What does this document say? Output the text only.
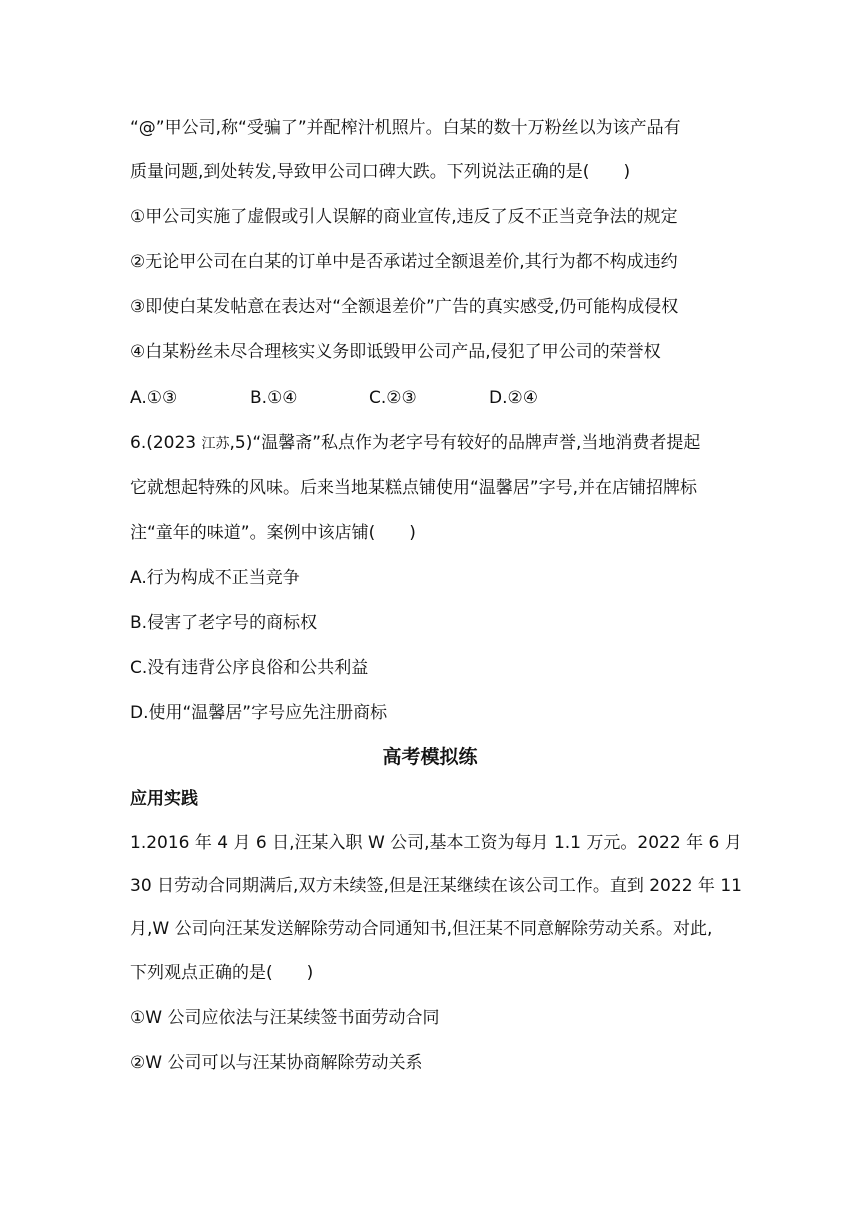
“@”甲公司,称“受骗了”并配榨汁机照片。白某的数十万粉丝以为该产品有
质量问题,到处转发,导致甲公司口碑大跌。下列说法正确的是(　　)
①甲公司实施了虚假或引人误解的商业宣传,违反了反不正当竞争法的规定
②无论甲公司在白某的订单中是否承诺过全额退差价,其行为都不构成违约
③即使白某发帖意在表达对“全额退差价”广告的真实感受,仍可能构成侵权
④白某粉丝未尽合理核实义务即诋毁甲公司产品,侵犯了甲公司的荣誉权
A.①③	B.①④	C.②③	D.②④
6.(2023 江苏,5)“温馨斋”私点作为老字号有较好的品牌声誉,当地消费者提起
它就想起特殊的风味。后来当地某糕点铺使用“温馨居”字号,并在店铺招牌标
注“童年的味道”。案例中该店铺(　　)
A.行为构成不正当竞争
B.侵害了老字号的商标权
C.没有违背公序良俗和公共利益
D.使用“温馨居”字号应先注册商标
高考模拟练
应用实践
1.2016 年 4 月 6 日,汪某入职 W 公司,基本工资为每月 1.1 万元。2022 年 6 月
30 日劳动合同期满后,双方未续签,但是汪某继续在该公司工作。直到 2022 年 11
月,W 公司向汪某发送解除劳动合同通知书,但汪某不同意解除劳动关系。对此,
下列观点正确的是(　　)
①W 公司应依法与汪某续签书面劳动合同
②W 公司可以与汪某协商解除劳动关系
